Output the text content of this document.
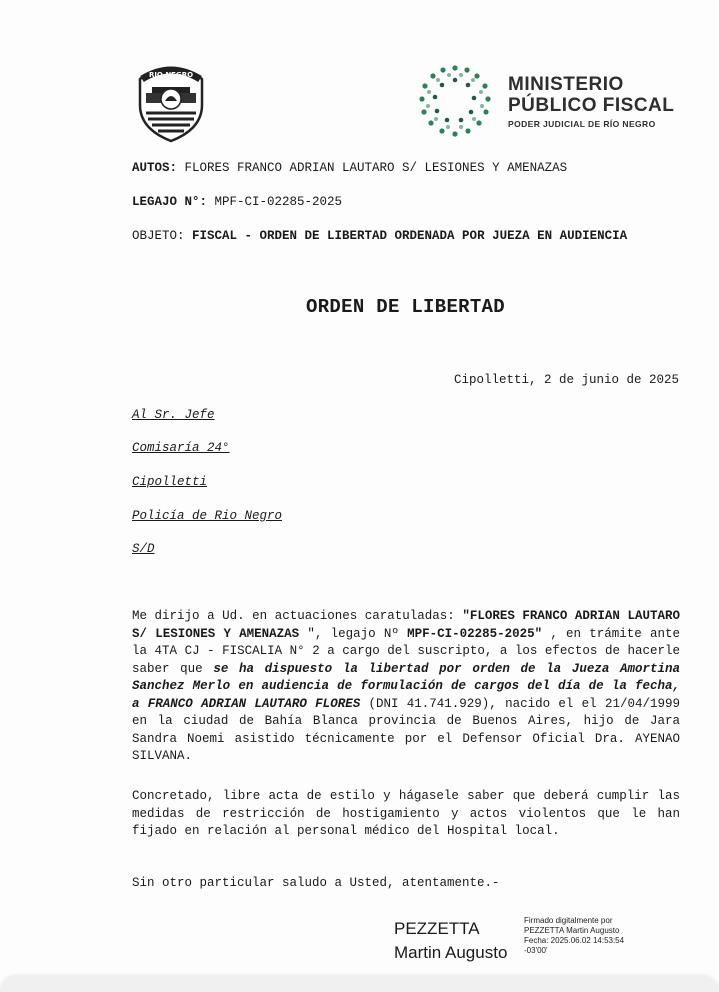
RIO NEGRO	MINISTERIO
PÚBLICO FISCAL
PODER JUDICIAL DE RÍO NEGRO
AUTOS: FLORES FRANCO ADRIAN LAUTARO S/ LESIONES Y AMENAZAS
LEGAJO N°: MPF-CI-02285-2025
OBJETO: FISCAL - ORDEN DE LIBERTAD ORDENADA POR JUEZA EN AUDIENCIA
ORDEN DE LIBERTAD
Cipolletti, 2 de junio de 2025
Al Sr. Jefe
Comisaría 24°
Cipolletti
Policía de Rio Negro
S/D
Me dirijo a Ud. en actuaciones caratuladas: "FLORES FRANCO ADRIAN LAUTARO S/ LESIONES Y AMENAZAS ", legajo Nº MPF-CI-02285-2025" , en trámite ante la 4TA CJ - FISCALIA N° 2 a cargo del suscripto, a los efectos de hacerle saber que se ha dispuesto la libertad por orden de la Jueza Amortina Sanchez Merlo en audiencia de formulación de cargos del día de la fecha, a FRANCO ADRIAN LAUTARO FLORES (DNI 41.741.929), nacido el el 21/04/1999 en la ciudad de Bahía Blanca provincia de Buenos Aires, hijo de Jara Sandra Noemi asistido técnicamente por el Defensor Oficial Dra. AYENAO SILVANA.
Concretado, libre acta de estilo y hágasele saber que deberá cumplir las medidas de restricción de hostigamiento y actos violentos que le han fijado en relación al personal médico del Hospital local.
Sin otro particular saludo a Usted, atentamente.-
PEZZETTA
Martin Augusto
Firmado digitalmente por
PEZZETTA Martin Augusto
Fecha: 2025.06.02 14:53:54
-03'00'
